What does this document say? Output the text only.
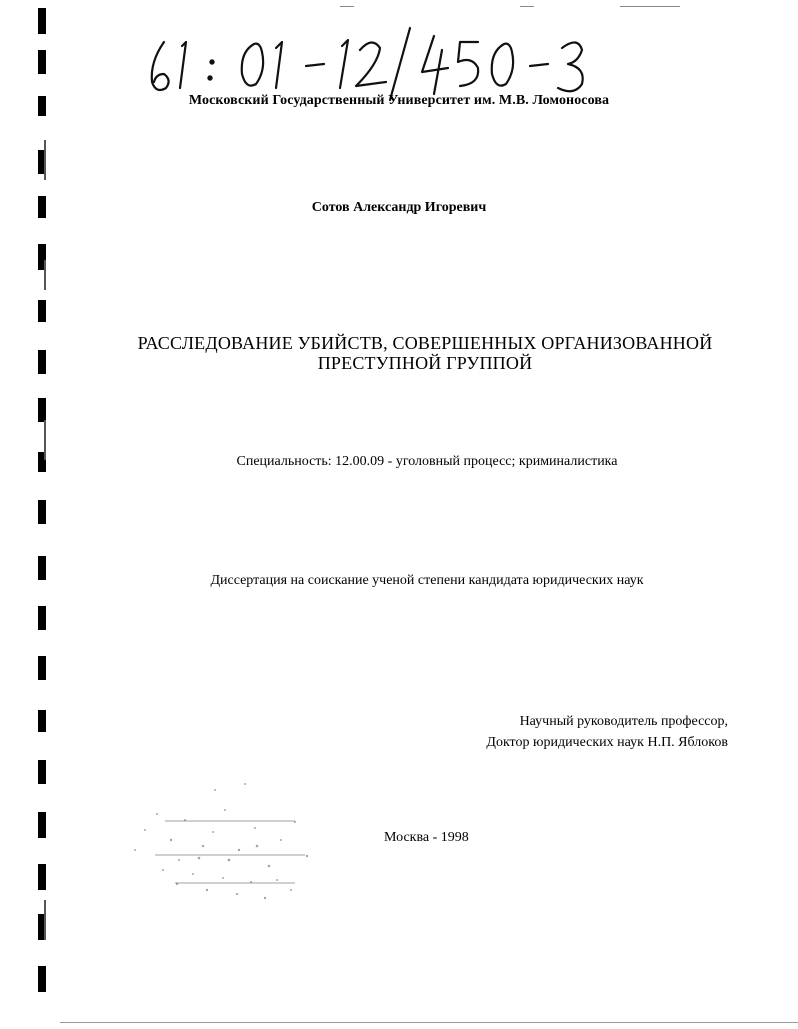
Московский Государственный Университет им. М.В. Ломоносова
Сотов Александр Игоревич
РАССЛЕДОВАНИЕ УБИЙСТВ, СОВЕРШЕННЫХ ОРГАНИЗОВАННОЙ
ПРЕСТУПНОЙ ГРУППОЙ
Специальность: 12.00.09 - уголовный процесс; криминалистика
Диссертация на соискание ученой степени кандидата юридических наук
Научный руководитель профессор,
Доктор юридических наук Н.П. Яблоков
Москва - 1998
